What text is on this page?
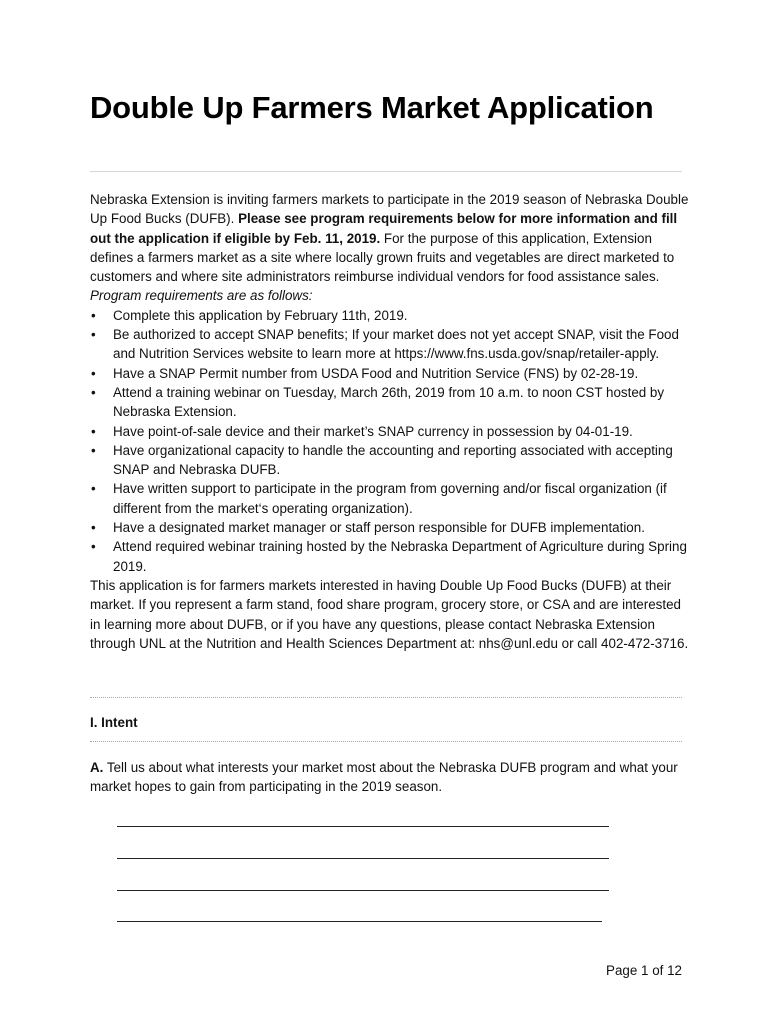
Double Up Farmers Market Application

Nebraska Extension is inviting farmers markets to participate in the 2019 season of Nebraska Double Up Food Bucks (DUFB). Please see program requirements below for more information and fill out the application if eligible by Feb. 11, 2019. For the purpose of this application, Extension defines a farmers market as a site where locally grown fruits and vegetables are direct marketed to customers and where site administrators reimburse individual vendors for food assistance sales. Program requirements are as follows:

• Complete this application by February 11th, 2019.
• Be authorized to accept SNAP benefits; If your market does not yet accept SNAP, visit the Food and Nutrition Services website to learn more at https://www.fns.usda.gov/snap/retailer-apply.
• Have a SNAP Permit number from USDA Food and Nutrition Service (FNS) by 02-28-19.
• Attend a training webinar on Tuesday, March 26th, 2019 from 10 a.m. to noon CST hosted by Nebraska Extension.
• Have point-of-sale device and their market’s SNAP currency in possession by 04-01-19.
• Have organizational capacity to handle the accounting and reporting associated with accepting SNAP and Nebraska DUFB.
• Have written support to participate in the program from governing and/or fiscal organization (if different from the market‘s operating organization).
• Have a designated market manager or staff person responsible for DUFB implementation.
• Attend required webinar training hosted by the Nebraska Department of Agriculture during Spring 2019.

This application is for farmers markets interested in having Double Up Food Bucks (DUFB) at their market. If you represent a farm stand, food share program, grocery store, or CSA and are interested in learning more about DUFB, or if you have any questions, please contact Nebraska Extension through UNL at the Nutrition and Health Sciences Department at: nhs@unl.edu or call 402-472-3716.

I. Intent

A. Tell us about what interests your market most about the Nebraska DUFB program and what your market hopes to gain from participating in the 2019 season.

Page 1 of 12
